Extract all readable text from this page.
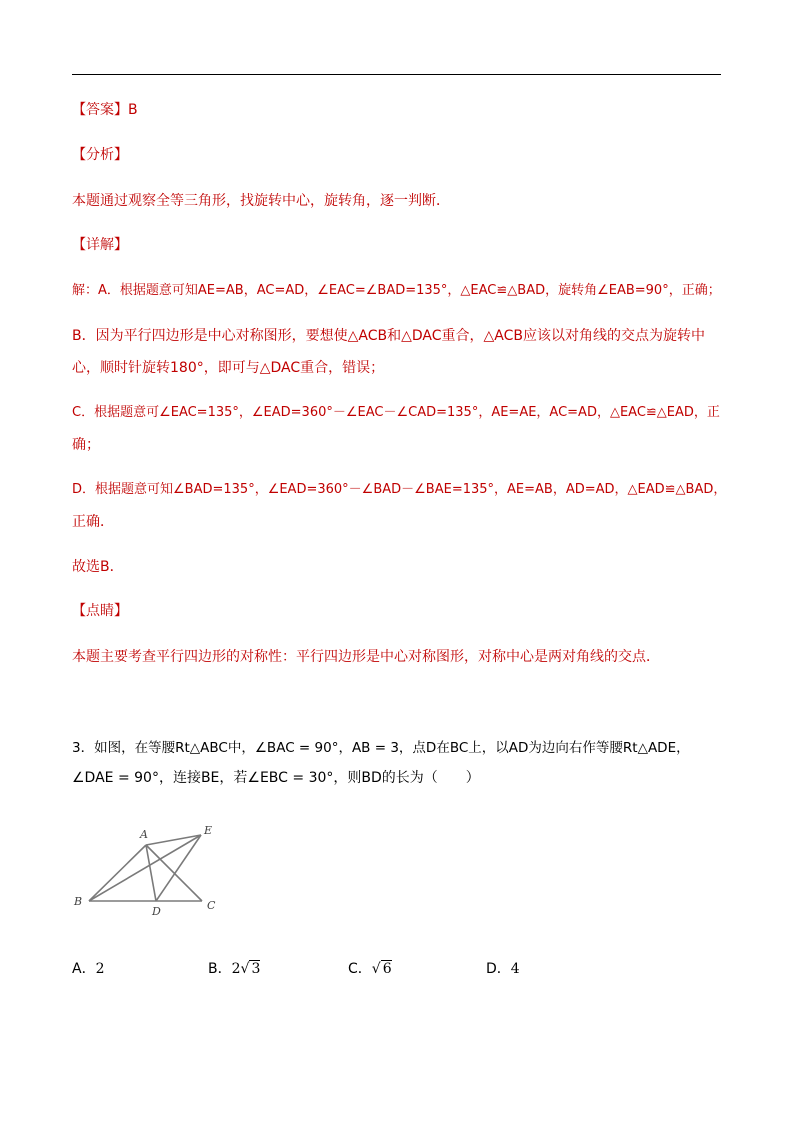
【答案】B
【分析】
本题通过观察全等三角形，找旋转中心，旋转角，逐一判断．
【详解】
解：A．根据题意可知AE=AB，AC=AD，∠EAC=∠BAD=135°，△EAC≌△BAD，旋转角∠EAB=90°，正确；
B．因为平行四边形是中心对称图形，要想使△ACB和△DAC重合，△ACB应该以对角线的交点为旋转中
心，顺时针旋转180°，即可与△DAC重合，错误；
C．根据题意可∠EAC=135°，∠EAD=360°－∠EAC－∠CAD=135°，AE=AE，AC=AD，△EAC≌△EAD，正
确；
D．根据题意可知∠BAD=135°，∠EAD=360°－∠BAD－∠BAE=135°，AE=AB，AD=AD，△EAD≌△BAD，
正确．
故选B．
【点睛】
本题主要考查平行四边形的对称性：平行四边形是中心对称图形，对称中心是两对角线的交点．
3．如图，在等腰Rt△ABC中，∠BAC = 90°，AB = 3，点D在BC上，以AD为边向右作等腰Rt△ADE，
∠DAE = 90°，连接BE，若∠EBC = 30°，则BD的长为（　　）
A	E
B
D	C
A．2	B．2√ 3	C．√ 6	D．4
